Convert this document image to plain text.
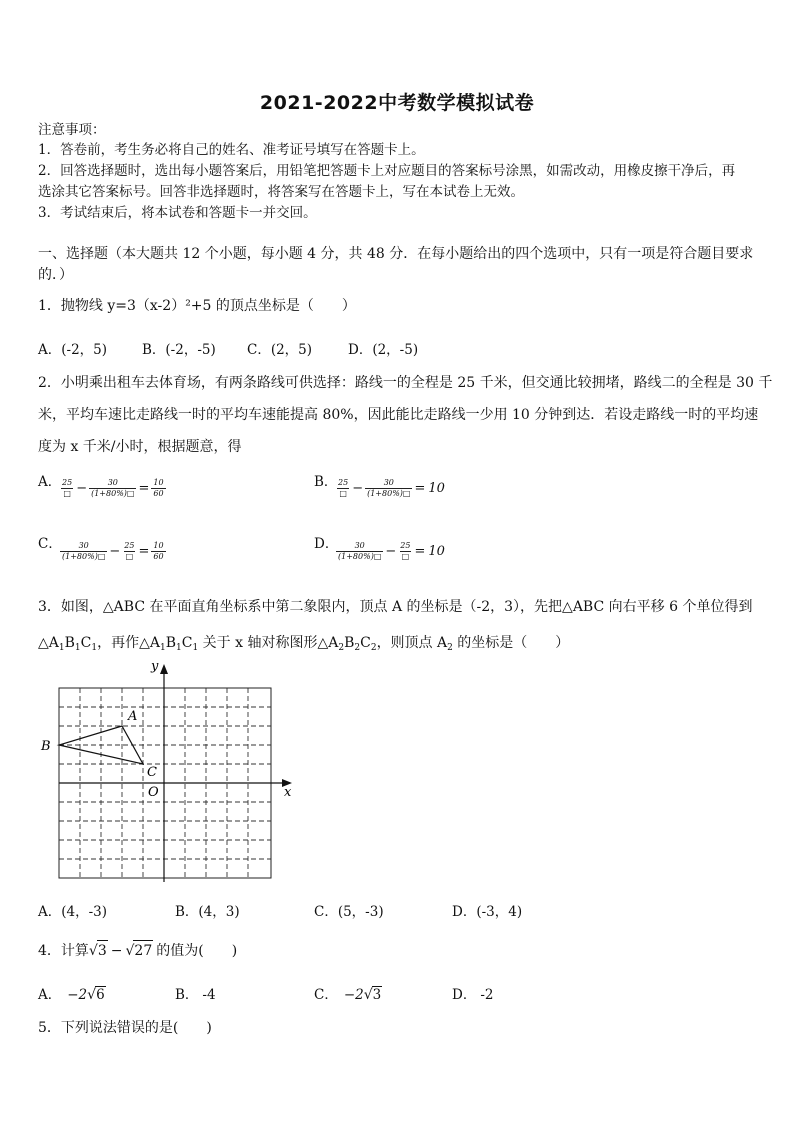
2021-2022中考数学模拟试卷
注意事项：
1．答卷前，考生务必将自己的姓名、准考证号填写在答题卡上。
2．回答选择题时，选出每小题答案后，用铅笔把答题卡上对应题目的答案标号涂黑，如需改动，用橡皮擦干净后，再
选涂其它答案标号。回答非选择题时，将答案写在答题卡上，写在本试卷上无效。
3．考试结束后，将本试卷和答题卡一并交回。
一、选择题（本大题共 12 个小题，每小题 4 分，共 48 分．在每小题给出的四个选项中，只有一项是符合题目要求
的．）
1．抛物线 y=3（x-2）²+5 的顶点坐标是（　　）
A．(-2，5)	B．(-2，-5) C．(2，5)	D．(2，-5)
2．小明乘出租车去体育场，有两条路线可供选择：路线一的全程是 25 千米，但交通比较拥堵，路线二的全程是 30 千
米，平均车速比走路线一时的平均车速能提高 80%，因此能比走路线一少用 10 分钟到达．若设走路线一时的平均速
度为 x 千米/小时，根据题意，得
A．
$\frac{25}{□} - \frac{30}{(1+80\%)□} = \frac{10}{60}$	B．
$\frac{25}{□} - \frac{30}{(1+80\%)□} = 10$
C．
$\frac{30}{(1+80\%)□} - \frac{25}{□} = \frac{10}{60}$	D．
$\frac{30}{(1+80\%)□} - \frac{25}{□} = 10$
3．如图，△ABC 在平面直角坐标系中第二象限内，顶点 A 的坐标是（-2，3），先把△ABC 向右平移 6 个单位得到
$\triangle A_1B_1C_1$，再作$\triangle A_1B_1C_1$ 关于 x 轴对称图形$\triangle A_2B_2C_2$，则顶点 $A_2$ 的坐标是（　　）
y
x
O
A
B
C
A．(4，-3)	B．(4，3)	C．(5，-3)	D．(-3，4)
4．计算√3 − √27 的值为(　　)
A． −2√6	B． -4	C． −2√3	D． -2
5．下列说法错误的是(　　)
